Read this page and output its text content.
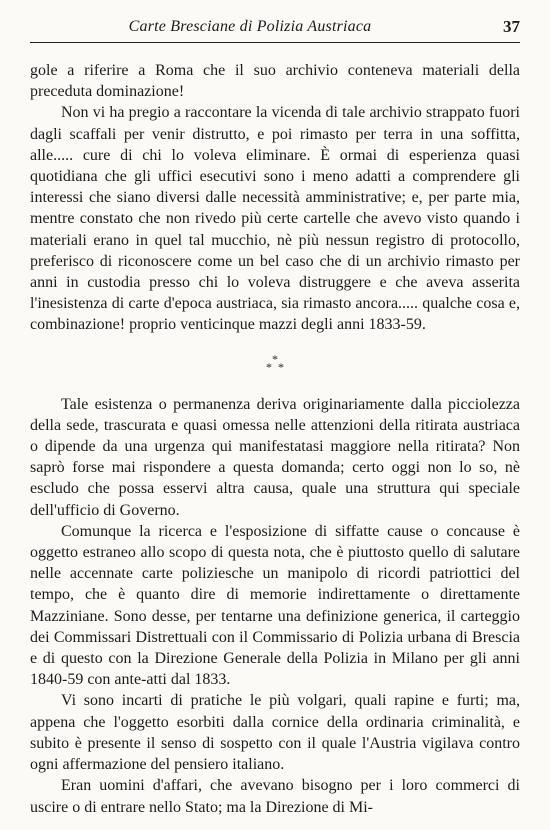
Carte Bresciane di Polizia Austriaca	37

gole a riferire a Roma che il suo archivio conteneva materiali della preceduta dominazione!

Non vi ha pregio a raccontare la vicenda di tale archivio strappato fuori dagli scaffali per venir distrutto, e poi rimasto per terra in una soffitta, alle..... cure di chi lo voleva eliminare. È ormai di esperienza quasi quotidiana che gli uffici esecutivi sono i meno adatti a comprendere gli interessi che siano diversi dalle necessità amministrative; e, per parte mia, mentre constato che non rivedo più certe cartelle che avevo visto quando i materiali erano in quel tal mucchio, nè più nessun registro di protocollo, preferisco di riconoscere come un bel caso che di un archivio rimasto per anni in custodia presso chi lo voleva distruggere e che aveva asserita l'inesistenza di carte d'epoca austriaca, sia rimasto ancora..... qualche cosa e, combinazione! proprio venticinque mazzi degli anni 1833-59.

*
* *

Tale esistenza o permanenza deriva originariamente dalla picciolezza della sede, trascurata e quasi omessa nelle attenzioni della ritirata austriaca o dipende da una urgenza qui manifestatasi maggiore nella ritirata? Non saprò forse mai rispondere a questa domanda; certo oggi non lo so, nè escludo che possa esservi altra causa, quale una struttura qui speciale dell'ufficio di Governo.

Comunque la ricerca e l'esposizione di siffatte cause o concause è oggetto estraneo allo scopo di questa nota, che è piuttosto quello di salutare nelle accennate carte poliziesche un manipolo di ricordi patriottici del tempo, che è quanto dire di memorie indirettamente o direttamente Mazziniane. Sono desse, per tentarne una definizione generica, il carteggio dei Commissari Distrettuali con il Commissario di Polizia urbana di Brescia e di questo con la Direzione Generale della Polizia in Milano per gli anni 1840-59 con ante-atti dal 1833.

Vi sono incarti di pratiche le più volgari, quali rapine e furti; ma, appena che l'oggetto esorbiti dalla cornice della ordinaria criminalità, e subito è presente il senso di sospetto con il quale l'Austria vigilava contro ogni affermazione del pensiero italiano.

Eran uomini d'affari, che avevano bisogno per i loro commerci di uscire o di entrare nello Stato; ma la Direzione di Mi-
